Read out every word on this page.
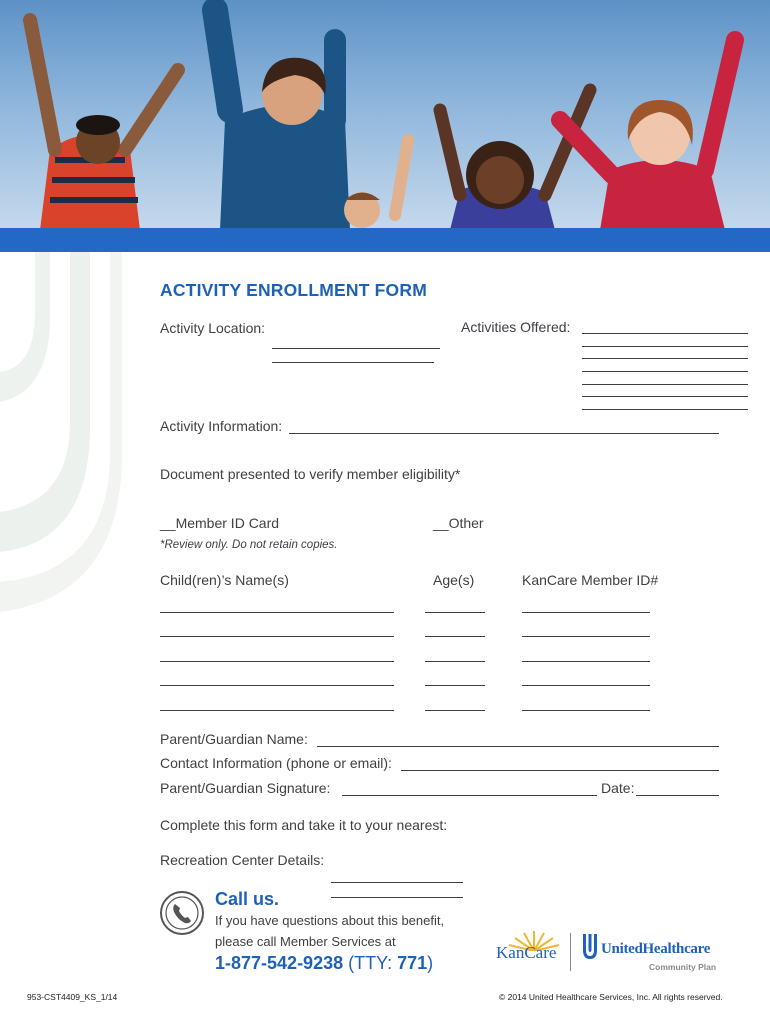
ACTIVITY ENROLLMENT FORM
Activity Location:	Activities Offered:
Activity Information:
Document presented to verify member eligibility*
__Member ID Card	__Other
*Review only. Do not retain copies.
Child(ren)’s Name(s)	Age(s)	KanCare Member ID#
Parent/Guardian Name:
Contact Information (phone or email):
Parent/Guardian Signature:	Date:
Complete this form and take it to your nearest:
Recreation Center Details:
Call us.
If you have questions about this benefit,
please call Member Services at
1-877-542-9238 (TTY: 771)
KanCare	UnitedHealthcare
Community Plan
953-CST4409_KS_1/14	© 2014 United Healthcare Services, Inc. All rights reserved.
